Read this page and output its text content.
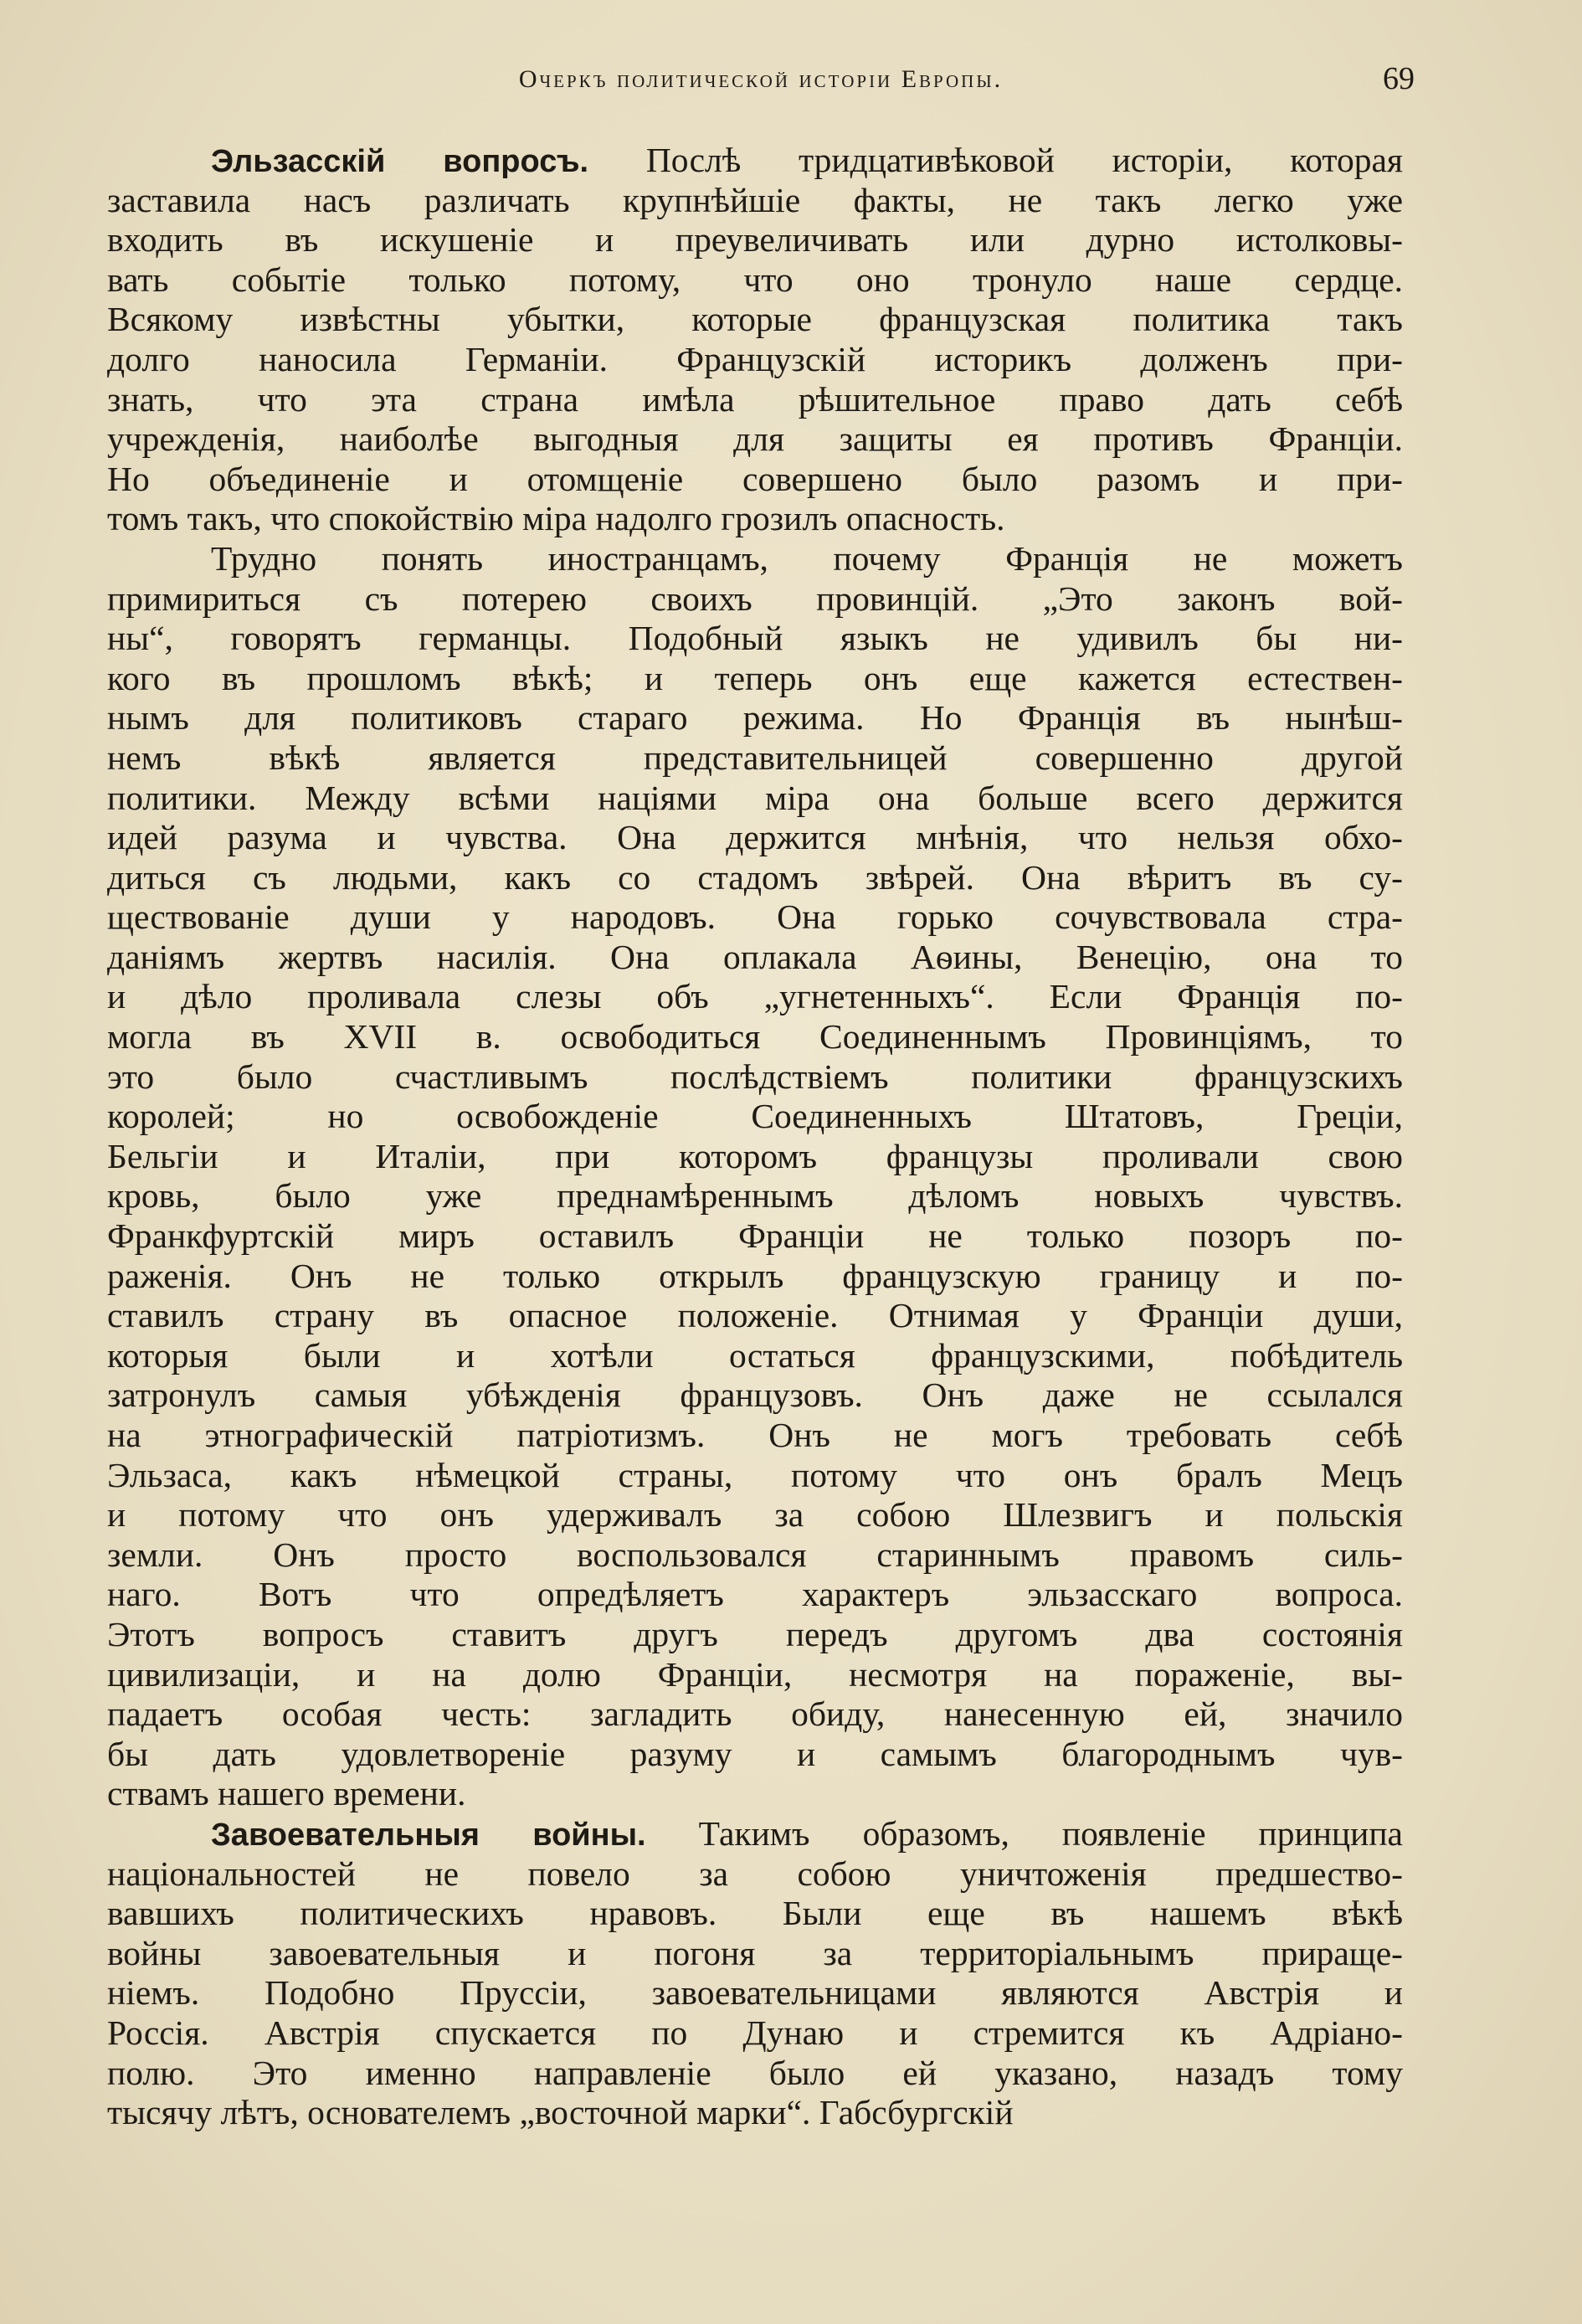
Очеркъ политической исторіи Европы.	69
Эльзасскій вопросъ. Послѣ тридцативѣковой исторіи, которая
заставила насъ различать крупнѣйшіе факты, не такъ легко уже
входить въ искушеніе и преувеличивать или дурно истолковы-
вать событіе только потому, что оно тронуло наше сердце.
Всякому извѣстны убытки, которые французская политика такъ
долго наносила Германіи. Французскій историкъ долженъ при-
знать, что эта страна имѣла рѣшительное право дать себѣ
учрежденія, наиболѣе выгодныя для защиты ея противъ Франціи.
Но объединеніе и отомщеніе совершено было разомъ и при-
томъ такъ, что спокойствію міра надолго грозилъ опасность.
Трудно понять иностранцамъ, почему Франція не можетъ
примириться съ потерею своихъ провинцій. „Это законъ вой-
ны“, говорятъ германцы. Подобный языкъ не удивилъ бы ни-
кого въ прошломъ вѣкѣ; и теперь онъ еще кажется естествен-
нымъ для политиковъ стараго режима. Но Франція въ нынѣш-
немъ вѣкѣ является представительницей совершенно другой
политики. Между всѣми націями міра она больше всего держится
идей разума и чувства. Она держится мнѣнія, что нельзя обхо-
диться съ людьми, какъ со стадомъ звѣрей. Она вѣритъ въ су-
ществованіе души у народовъ. Она горько сочувствовала стра-
даніямъ жертвъ насилія. Она оплакала Аѳины, Венецію, она то
и дѣло проливала слезы объ „угнетенныхъ“. Если Франція по-
могла въ XVII в. освободиться Соединеннымъ Провинціямъ, то
это было счастливымъ послѣдствіемъ политики французскихъ
королей; но освобожденіе Соединенныхъ Штатовъ, Греціи,
Бельгіи и Италіи, при которомъ французы проливали свою
кровь, было уже преднамѣреннымъ дѣломъ новыхъ чувствъ.
Франкфуртскій миръ оставилъ Франціи не только позоръ по-
раженія. Онъ не только открылъ французскую границу и по-
ставилъ страну въ опасное положеніе. Отнимая у Франціи души,
которыя были и хотѣли остаться французскими, побѣдитель
затронулъ самыя убѣжденія французовъ. Онъ даже не ссылался
на этнографическій патріотизмъ. Онъ не могъ требовать себѣ
Эльзаса, какъ нѣмецкой страны, потому что онъ бралъ Мецъ
и потому что онъ удерживалъ за собою Шлезвигъ и польскія
земли. Онъ просто воспользовался стариннымъ правомъ силь-
наго. Вотъ что опредѣляетъ характеръ эльзасскаго вопроса.
Этотъ вопросъ ставитъ другъ передъ другомъ два состоянія
цивилизаціи, и на долю Франціи, несмотря на пораженіе, вы-
падаетъ особая честь: загладить обиду, нанесенную ей, значило
бы дать удовлетвореніе разуму и самымъ благороднымъ чув-
ствамъ нашего времени.
Завоевательныя войны. Такимъ образомъ, появленіе принципа
національностей не повело за собою уничтоженія предшество-
вавшихъ политическихъ нравовъ. Были еще въ нашемъ вѣкѣ
войны завоевательныя и погоня за территоріальнымъ прираще-
ніемъ. Подобно Пруссіи, завоевательницами являются Австрія и
Россія. Австрія спускается по Дунаю и стремится къ Адріано-
полю. Это именно направленіе было ей указано, назадъ тому
тысячу лѣтъ, основателемъ „восточной марки“. Габсбургскій
